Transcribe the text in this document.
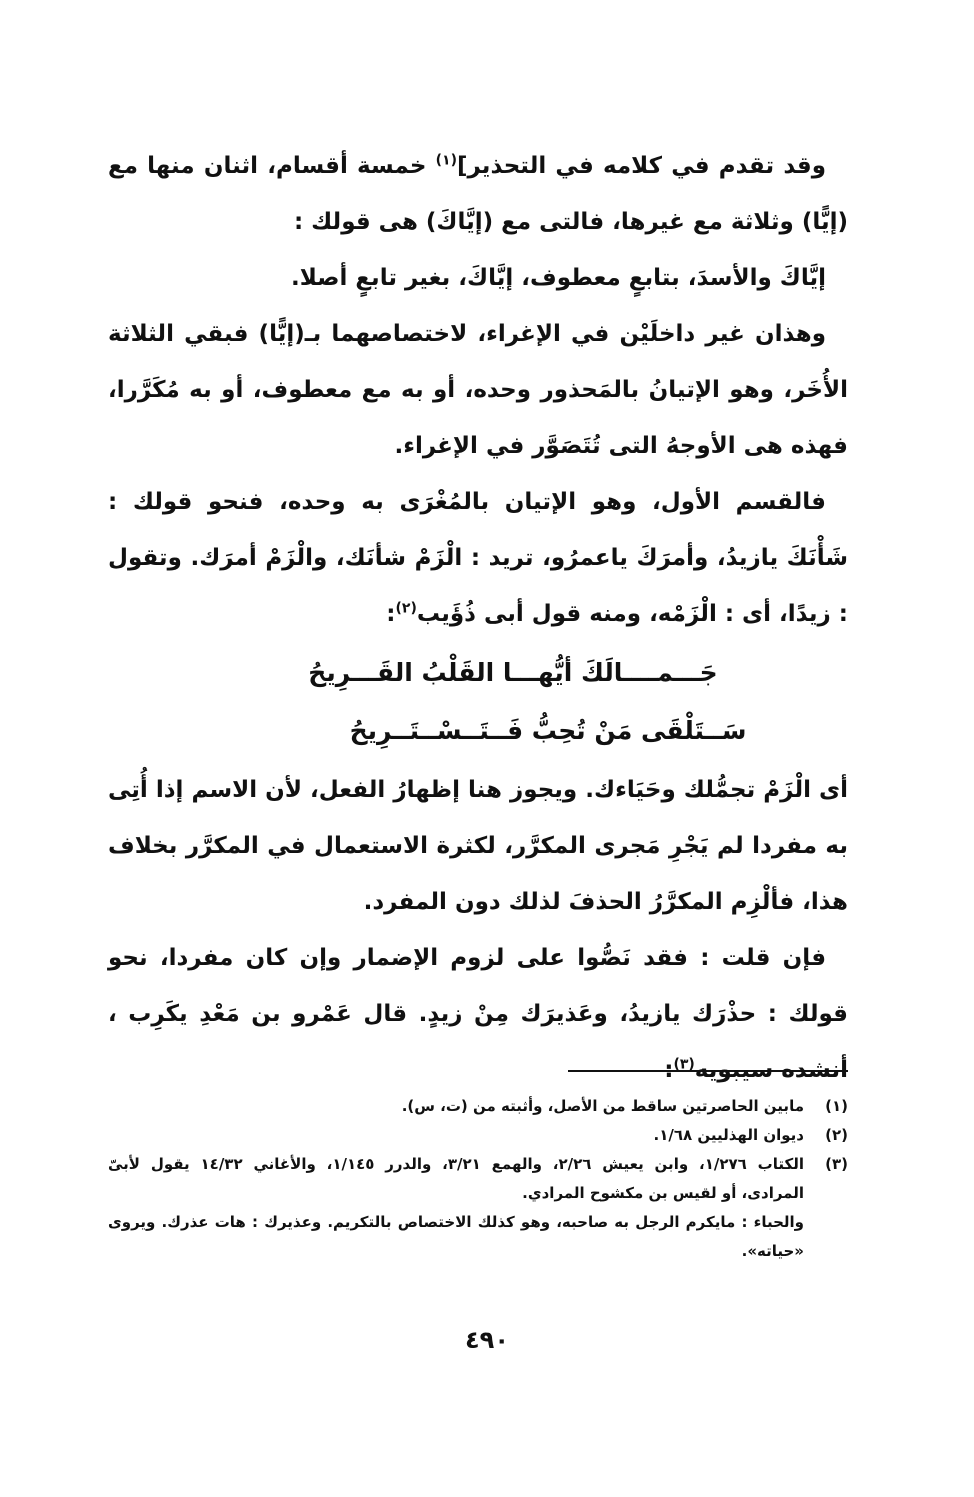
وقد تقدم في كلامه في التحذير]$^{(١)}$ خمسة أقسام، اثنان منها مع (إيًّا) وثلاثة مع غيرها، فالتى مع (إيَّاكَ) هى قولك :

إيَّاكَ والأسدَ، بتابعٍ معطوف، إيَّاكَ، بغير تابعٍ أصلا.

وهذان غير داخلَيْن في الإغراء، لاختصاصهما بـ(إيًّا) فبقي الثلاثة الأُخَر، وهو الإتيانُ بالمَحذور وحده، أو به مع معطوف، أو به مُكَرَّرا، فهذه هى الأوجهُ التى تُتَصَوَّر في الإغراء.

فالقسم الأول، وهو الإتيان بالمُغْرَى به وحده، فنحو قولك : شَأْنَكَ يازيدُ، وأمرَكَ ياعمرُو، تريد : الْزَمْ شأنَك، والْزَمْ أمرَك. وتقول : زيدًا، أى : الْزَمْه، ومنه قول أبى ذُؤَيب$^{(٢)}$:

جَـــمــــالَكَ أيُّهـــا القَلْبُ القَـــرِيحُ
سَــتَلْقَى مَنْ تُحِبُّ فَــتَــسْــتَــرِيحُ

أى الْزَمْ تجمُّلك وحَيَاءك. ويجوز هنا إظهارُ الفعل، لأن الاسم إذا أُتِى به مفردا لم يَجْرِ مَجرى المكرَّر، لكثرة الاستعمال في المكرَّر بخلاف هذا، فألْزِم المكرَّرُ الحذفَ لذلك دون المفرد.

فإن قلت : فقد نَصُّوا على لزوم الإضمار وإن كان مفردا، نحو قولك : حذْرَك يازيدُ، وعَذيرَك مِنْ زيدٍ. قال عَمْرو بن مَعْدِ يكَرِب ، أنشده سيبويه$^{(٣)}$:

(١)
مابين الحاصرتين ساقط من الأصل، وأثبته من (ت، س).
(٢)
ديوان الهذليين ١/٦٨.
(٣)
الكتاب ١/٢٧٦، وابن يعيش ٢/٢٦، والهمع ٣/٢١، والدرر ١/١٤٥، والأغاني ١٤/٣٢ يقول لأبىّ المرادى، أو لقيس بن مكشوح المرادي.
والحباء : مايكرم الرجل به صاحبه، وهو كذلك الاختصاص بالتكريم. وعذيرك : هات عذرك. ويروى «حياته».
٤٩٠
